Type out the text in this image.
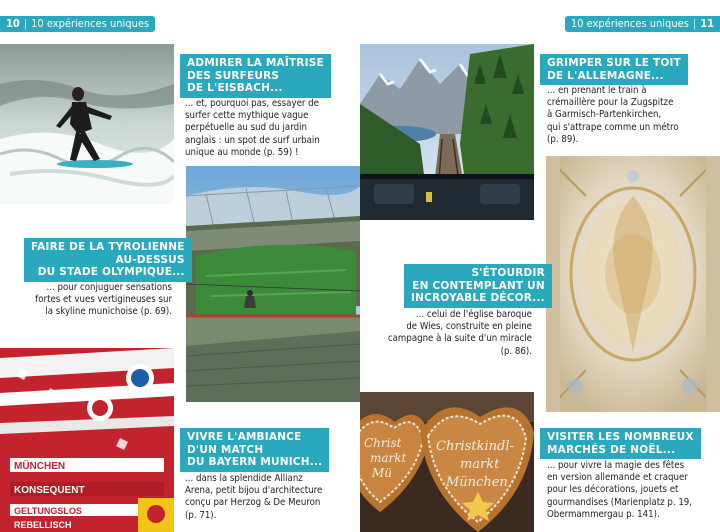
10 | 10 expériences uniques	10 expériences uniques | 11
ADMIRER LA MAÎTRISE
DES SURFEURS
DE L'EISBACH...
... et, pourquoi pas, essayer de
surfer cette mythique vague
perpétuelle au sud du jardin
anglais : un spot de surf urbain
unique au monde (p. 59) !
FAIRE DE LA TYROLIENNE
AU-DESSUS
DU STADE OLYMPIQUE...
... pour conjuguer sensations
fortes et vues vertigineuses sur
la skyline munichoise (p. 69).
MÜNCHEN
KONSEQUENT
GELTUNGSLOS
REBELLISCH
VIVRE L'AMBIANCE
D'UN MATCH
DU BAYERN MUNICH...
... dans la splendide Allianz
Arena, petit bijou d'architecture
conçu par Herzog & De Meuron
(p. 71).
GRIMPER SUR LE TOIT
DE L'ALLEMAGNE...
... en prenant le train à
crémaillère pour la Zugspitze
à Garmisch-Partenkirchen,
qui s'attrape comme un métro
(p. 89).
S'ÉTOURDIR
EN CONTEMPLANT UN
INCROYABLE DÉCOR...
... celui de l'église baroque
de Wies, construite en pleine
campagne à la suite d'un miracle
(p. 86).
Christ
markt
Mü
Christkindl-
markt
München
VISITER LES NOMBREUX
MARCHÉS DE NOËL...
... pour vivre la magie des fêtes
en version allemande et craquer
pour les décorations, jouets et
gourmandises (Marienplatz p. 19,
Obermammergau p. 141).
